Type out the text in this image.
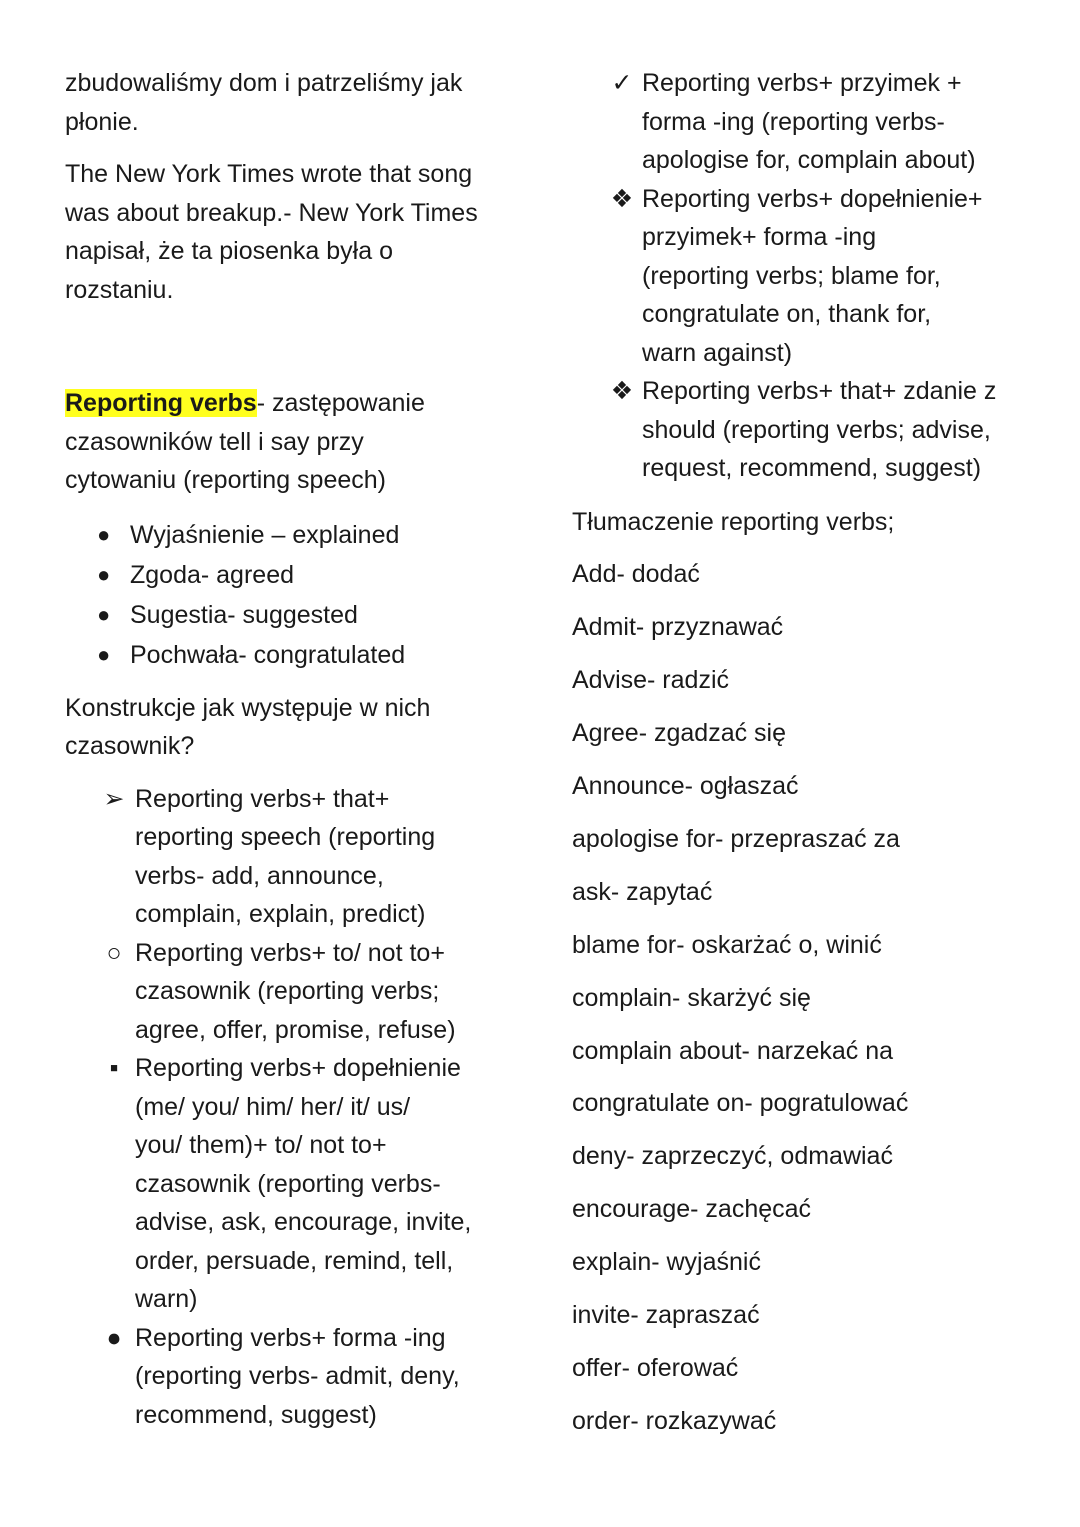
zbudowaliśmy dom i patrzeliśmy jak
płonie.

The New York Times wrote that song
was about breakup.- New York Times
napisał, że ta piosenka była o
rozstaniu.

Reporting verbs- zastępowanie
czasowników tell i say przy
cytowaniu (reporting speech)

● Wyjaśnienie – explained
● Zgoda- agreed
● Sugestia- suggested
● Pochwała- congratulated

Konstrukcje jak występuje w nich
czasownik?

➢ Reporting verbs+ that+
reporting speech (reporting
verbs- add, announce,
complain, explain, predict)
○ Reporting verbs+ to/ not to+
czasownik (reporting verbs;
agree, offer, promise, refuse)
▪ Reporting verbs+ dopełnienie
(me/ you/ him/ her/ it/ us/
you/ them)+ to/ not to+
czasownik (reporting verbs-
advise, ask, encourage, invite,
order, persuade, remind, tell,
warn)
● Reporting verbs+ forma -ing
(reporting verbs- admit, deny,
recommend, suggest)
✓ Reporting verbs+ przyimek +
forma -ing (reporting verbs-
apologise for, complain about)
❖ Reporting verbs+ dopełnienie+
przyimek+ forma -ing
(reporting verbs; blame for,
congratulate on, thank for,
warn against)
❖ Reporting verbs+ that+ zdanie z
should (reporting verbs; advise,
request, recommend, suggest)

Tłumaczenie reporting verbs;

Add- dodać

Admit- przyznawać

Advise- radzić

Agree- zgadzać się

Announce- ogłaszać

apologise for- przepraszać za

ask- zapytać

blame for- oskarżać o, winić

complain- skarżyć się

complain about- narzekać na

congratulate on- pogratulować

deny- zaprzeczyć, odmawiać

encourage- zachęcać

explain- wyjaśnić

invite- zapraszać

offer- oferować

order- rozkazywać
